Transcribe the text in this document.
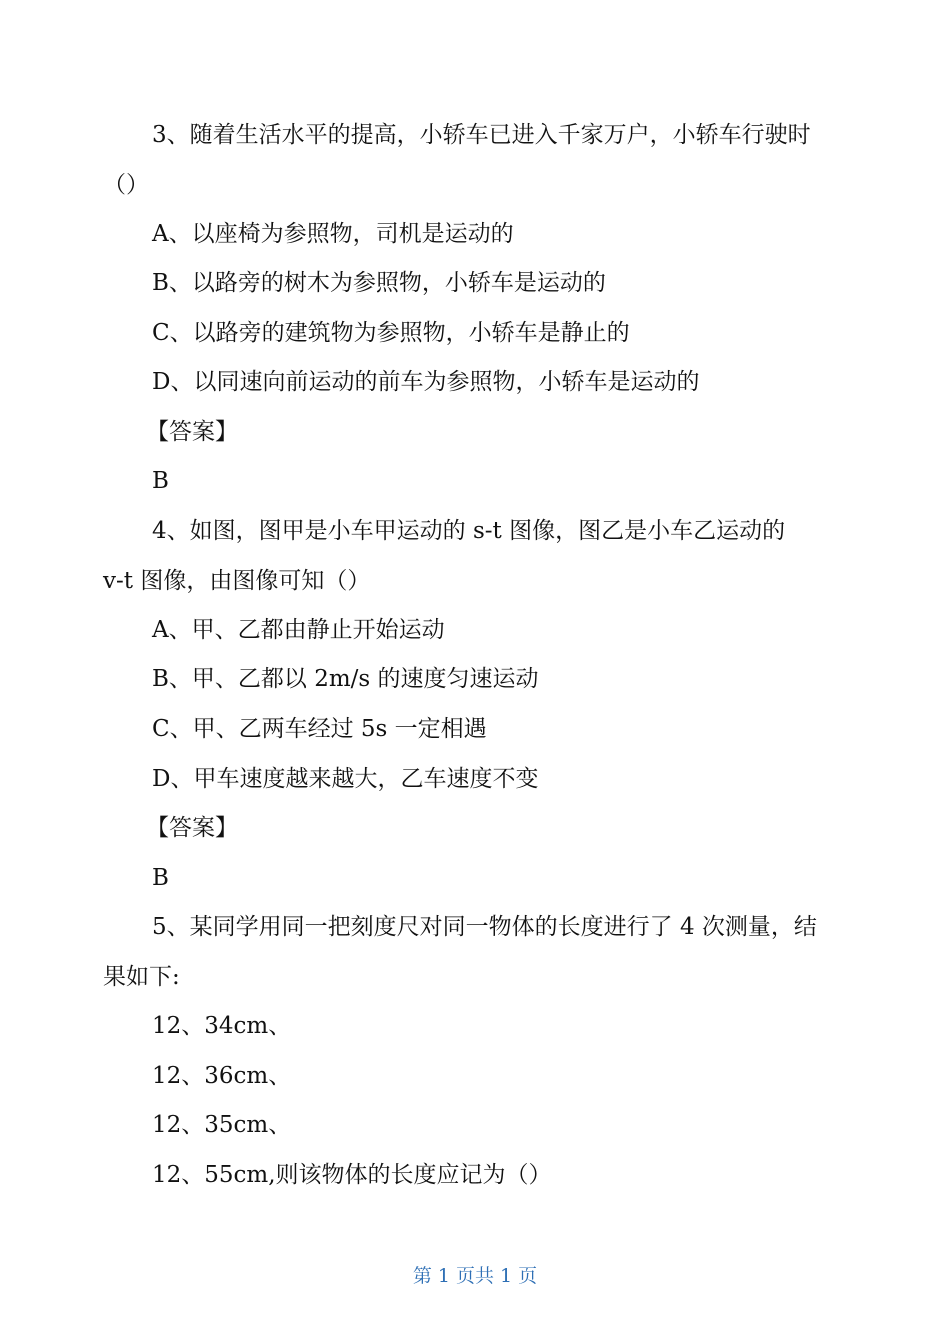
3、随着生活水平的提高，小轿车已进入千家万户，小轿车行驶时
（）
A、以座椅为参照物，司机是运动的
B、以路旁的树木为参照物，小轿车是运动的
C、以路旁的建筑物为参照物，小轿车是静止的
D、以同速向前运动的前车为参照物，小轿车是运动的
【答案】
B
4、如图，图甲是小车甲运动的 s-t 图像，图乙是小车乙运动的
v-t 图像，由图像可知（）
A、甲、乙都由静止开始运动
B、甲、乙都以 2m/s 的速度匀速运动
C、甲、乙两车经过 5s 一定相遇
D、甲车速度越来越大，乙车速度不变
【答案】
B
5、某同学用同一把刻度尺对同一物体的长度进行了 4 次测量，结
果如下:
12、34cm、
12、36cm、
12、35cm、
12、55cm,则该物体的长度应记为（）
第 1 页共 1 页
